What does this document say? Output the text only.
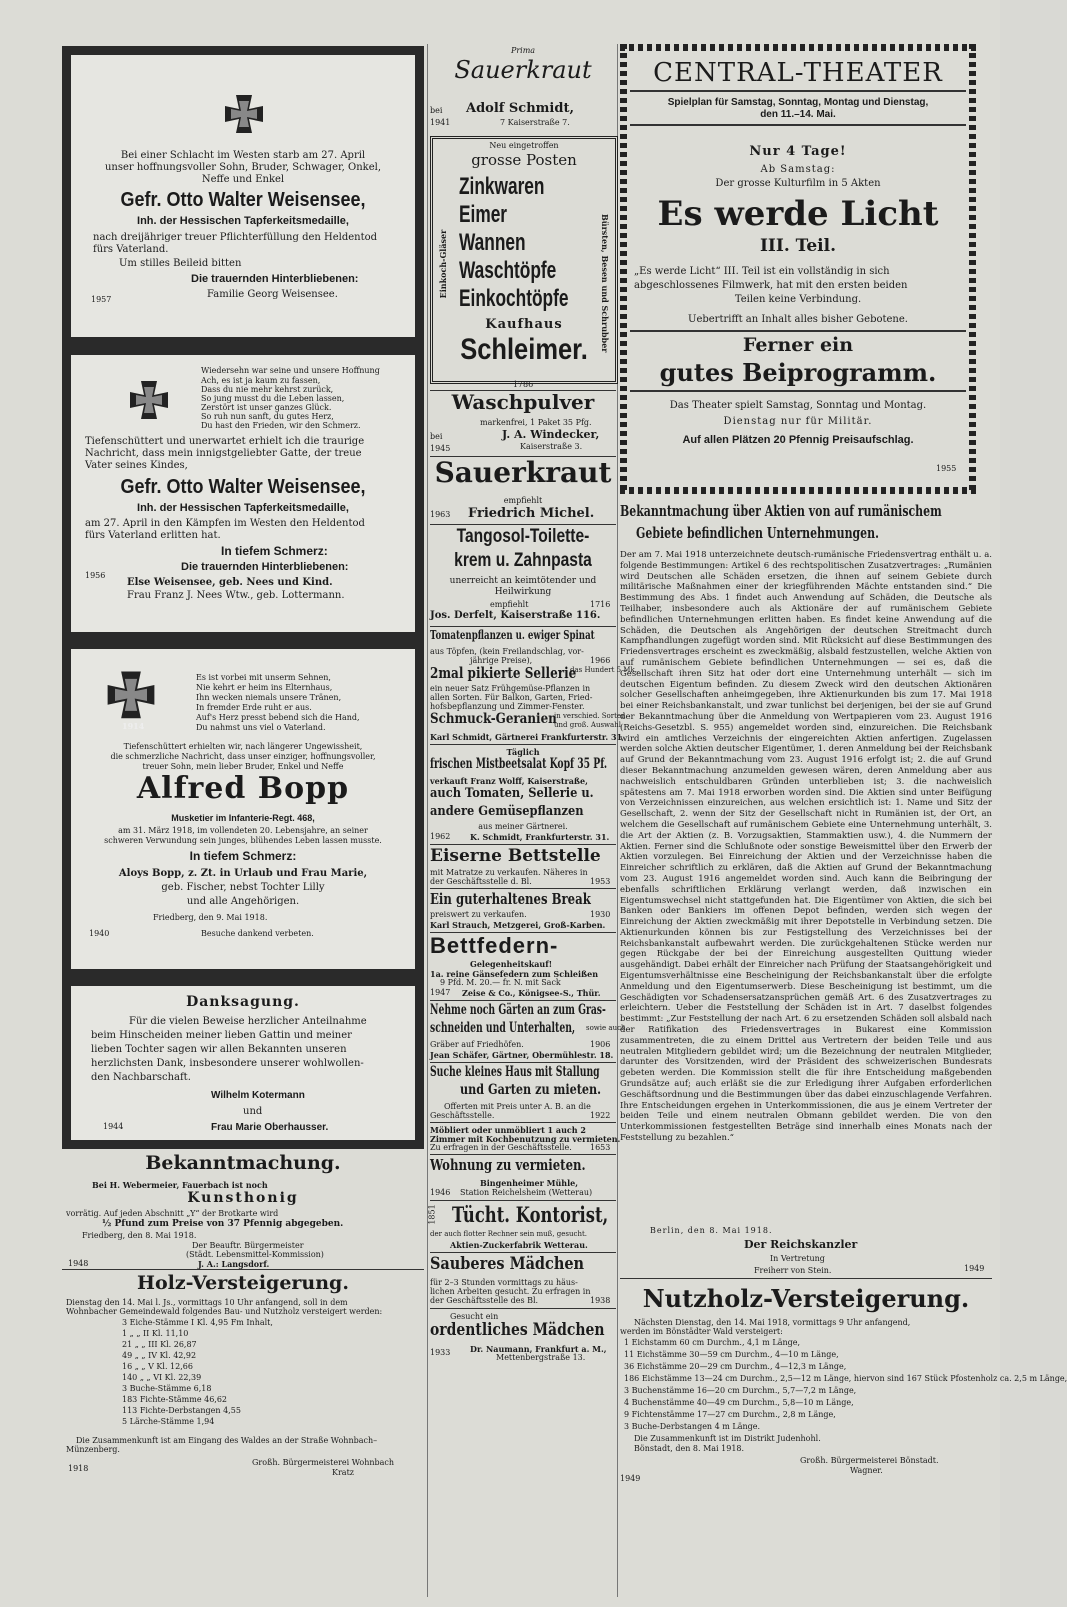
Bei einer Schlacht im Westen starb am 27. April
unser hoffnungsvoller Sohn, Bruder, Schwager, Onkel,
Neffe und Enkel
Gefr. Otto Walter Weisensee,
Inh. der Hessischen Tapferkeitsmedaille,
nach dreijähriger treuer Pflichterfüllung den Heldentod
fürs Vaterland.
Um stilles Beileid bitten
Die trauernden Hinterbliebenen:
Familie Georg Weisensee.
1957
Wiedersehn war seine und unsere Hoffnung
Ach, es ist ja kaum zu fassen,
Dass du nie mehr kehrst zurück,
So jung musst du die Leben lassen,
Zerstört ist unser ganzes Glück.
So ruh nun sanft, du gutes Herz,
Du hast den Frieden, wir den Schmerz.
Tiefenschüttert und unerwartet erhielt ich die traurige
Nachricht, dass mein innigstgeliebter Gatte, der treue
Vater seines Kindes,
Gefr. Otto Walter Weisensee,
Inh. der Hessischen Tapferkeitsmedaille,
am 27. April in den Kämpfen im Westen den Heldentod
fürs Vaterland erlitten hat.
In tiefem Schmerz:
Die trauernden Hinterbliebenen:
Else Weisensee, geb. Nees und Kind.
Frau Franz J. Nees Wtw., geb. Lottermann.
1956
1914
Es ist vorbei mit unserm Sehnen,
Nie kehrt er heim ins Elternhaus,
Ihn wecken niemals unsere Tränen,
In fremder Erde ruht er aus.
Auf's Herz presst bebend sich die Hand,
Du nahmst uns viel o Vaterland.
Tiefenschüttert erhielten wir, nach längerer Ungewissheit,
die schmerzliche Nachricht, dass unser einziger, hoffnungsvoller,
treuer Sohn, mein lieber Bruder, Enkel und Neffe
Alfred Bopp
Musketier im Infanterie-Regt. 468,
am 31. März 1918, im vollendeten 20. Lebensjahre, an seiner
schweren Verwundung sein junges, blühendes Leben lassen musste.
In tiefem Schmerz:
Aloys Bopp, z. Zt. in Urlaub und Frau Marie,
geb. Fischer, nebst Tochter Lilly
und alle Angehörigen.
Friedberg, den 9. Mai 1918.
1940	Besuche dankend verbeten.
Danksagung.
Für die vielen Beweise herzlicher Anteilnahme
beim Hinscheiden meiner lieben Gattin und meiner
lieben Tochter sagen wir allen Bekannten unseren
herzlichsten Dank, insbesondere unserer wohlwollen-
den Nachbarschaft.
Wilhelm Kotermann
und
Frau Marie Oberhausser.
1944
Bekanntmachung.
Bei H. Webermeier, Fauerbach ist noch
Kunsthonig
vorrätig. Auf jeden Abschnitt „Y“ der Brotkarte wird
½ Pfund zum Preise von 37 Pfennig abgegeben.
Friedberg, den 8. Mai 1918.
Der Beauftr. Bürgermeister
(Städt. Lebensmittel-Kommission)
J. A.: Langsdorf.
1948
Holz-Versteigerung.
Dienstag den 14. Mai l. Js., vormittags 10 Uhr anfangend, soll in dem
Wohnbacher Gemeindewald folgendes Bau- und Nutzholz versteigert werden:
3 Eiche-Stämme I Kl. 4,95 Fm Inhalt,
1 „ „ II Kl. 11,10
21 „ „ III Kl. 26,87
49 „ „ IV Kl. 42,92
16 „ „ V Kl. 12,66
140 „ „ VI Kl. 22,39
3 Buche-Stämme 6,18
183 Fichte-Stämme 46,62
113 Fichte-Derbstangen 4,55
5 Lärche-Stämme 1,94
Die Zusammenkunft ist am Eingang des Waldes an der Straße Wohnbach–
Münzenberg.
Großh. Bürgermeisterei Wohnbach
Kratz
1918
Prima
Sauerkraut
bei Adolf Schmidt,
7 Kaiserstraße 7.
1941
Neu eingetroffen
grosse Posten
Zinkwaren
Eimer
Wannen
Waschtöpfe
Einkochtöpfe
Kaufhaus
Schleimer.
Einkoch-Gläser	Bürsten, Besen und Schrubber
1786
Waschpulver
markenfrei, 1 Paket 35 Pfg.
bei	J. A. Windecker,
Kaiserstraße 3.
1945
Sauerkraut
empfiehlt
Friedrich Michel.
1963
Tangosol-Toilette-
krem u. Zahnpasta
unerreicht an keimtötender und
Heilwirkung
empfiehlt	1716
Jos. Derfelt, Kaiserstraße 116.
Tomatenpflanzen u. ewiger Spinat
aus Töpfen, (kein Freilandschlag, vor-
jährige Preise),	1966
2mal pikierte Sellerie
das Hundert 5 Mk.,
ein neuer Satz Frühgemüse-Pflanzen in
allen Sorten. Für Balkon, Garten, Fried-
hofsbepflanzung und Zimmer-Fenster.
Schmuck-Geranien
in verschied. Sorten
und groß. Auswahl
Karl Schmidt, Gärtnerei Frankfurterstr. 31
Täglich
frischen Mistbeetsalat Kopf 35 Pf.
verkauft Franz Wolff, Kaiserstraße,
auch Tomaten, Sellerie u.
andere Gemüsepflanzen
aus meiner Gärtnerei.
1962 K. Schmidt, Frankfurterstr. 31.
Eiserne Bettstelle
mit Matratze zu verkaufen. Näheres in
der Geschäftsstelle d. Bl.	1953
Ein guterhaltenes Break
preiswert zu verkaufen.	1930
Karl Strauch, Metzgerei, Groß-Karben.
Bettfedern-
Gelegenheitskauf!
1a. reine Gänsefedern zum Schleißen
9 Pfd. M. 20.— fr. N. mit Sack
1947 Zeise & Co., Königsee-S., Thür.
Nehme noch Gärten an zum Gras-
schneiden und Unterhalten, sowie auch
Gräber auf Friedhöfen.	1906
Jean Schäfer, Gärtner, Obermühlestr. 18.
Suche kleines Haus mit Stallung
und Garten zu mieten.
Offerten mit Preis unter A. B. an die
Geschäftsstelle.	1922
Möbliert oder unmöbliert 1 auch 2
Zimmer mit Kochbenutzung zu vermieten.
Zu erfragen in der Geschäftsstelle. 1653
Wohnung zu vermieten.
Bingenheimer Mühle,
1946 Station Reichelsheim (Wetterau)
Tücht. Kontorist,
der auch flotter Rechner sein muß, gesucht.
Aktien-Zuckerfabrik Wetterau.
1851
Sauberes Mädchen
für 2–3 Stunden vormittags zu häus-
lichen Arbeiten gesucht. Zu erfragen in
der Geschäftsstelle des Bl.	1938
Gesucht ein
ordentliches Mädchen
1933 Dr. Naumann, Frankfurt a. M.,
Mettenbergstraße 13.
CENTRAL-THEATER
Spielplan für Samstag, Sonntag, Montag und Dienstag,
den 11.–14. Mai.
Nur 4 Tage!
Ab Samstag:
Der grosse Kulturfilm in 5 Akten
Es werde Licht
III. Teil.
„Es werde Licht“ III. Teil ist ein vollständig in sich
abgeschlossenes Filmwerk, hat mit den ersten beiden
Teilen keine Verbindung.
Uebertrifft an Inhalt alles bisher Gebotene.
Ferner ein
gutes Beiprogramm.
Das Theater spielt Samstag, Sonntag und Montag.
Dienstag nur für Militär.
Auf allen Plätzen 20 Pfennig Preisaufschlag.
1955
Bekanntmachung über Aktien von auf rumänischem
Gebiete befindlichen Unternehmungen.
Der am 7. Mai 1918 unterzeichnete deutsch-rumänische Friedensvertrag enthält u. a. folgende Bestimmungen: Artikel 6 des rechtspolitischen Zusatzvertrages: „Rumänien wird Deutschen alle Schäden ersetzen, die ihnen auf seinem Gebiete durch militärische Maßnahmen einer der kriegführenden Mächte entstanden sind.“ Die Bestimmung des Abs. 1 findet auch Anwendung auf Schäden, die Deutsche als Teilhaber, insbesondere auch als Aktionäre der auf rumänischem Gebiete befindlichen Unternehmungen erlitten haben. Es findet keine Anwendung auf die Schäden, die Deutschen als Angehörigen der deutschen Streitmacht durch Kampfhandlungen zugefügt worden sind. Mit Rücksicht auf diese Bestimmungen des Friedensvertrages erscheint es zweckmäßig, alsbald festzustellen, welche Aktien von auf rumänischem Gebiete befindlichen Unternehmungen — sei es, daß die Gesellschaft ihren Sitz hat oder dort eine Unternehmung unterhält — sich im deutschen Eigentum befinden. Zu diesem Zweck wird den deutschen Aktionären solcher Gesellschaften anheimgegeben, ihre Aktienurkunden bis zum 17. Mai 1918 bei einer Reichsbankanstalt, und zwar tunlichst bei derjenigen, bei der sie auf Grund der Bekanntmachung über die Anmeldung von Wertpapieren vom 23. August 1916 (Reichs-Gesetzbl. S. 955) angemeldet worden sind, einzureichen. Die Reichsbank wird ein amtliches Verzeichnis der eingereichten Aktien anfertigen. Zugelassen werden solche Aktien deutscher Eigentümer, 1. deren Anmeldung bei der Reichsbank auf Grund der Bekanntmachung vom 23. August 1916 erfolgt ist; 2. die auf Grund dieser Bekanntmachung anzumelden gewesen wären, deren Anmeldung aber aus nachweislich entschuldbaren Gründen unterblieben ist; 3. die nachweislich spätestens am 7. Mai 1918 erworben worden sind. Die Aktien sind unter Beifügung von Verzeichnissen einzureichen, aus welchen ersichtlich ist: 1. Name und Sitz der Gesellschaft, 2. wenn der Sitz der Gesellschaft nicht in Rumänien ist, der Ort, an welchem die Gesellschaft auf rumänischem Gebiete eine Unternehmung unterhält, 3. die Art der Aktien (z. B. Vorzugsaktien, Stammaktien usw.), 4. die Nummern der Aktien. Ferner sind die Schlußnote oder sonstige Beweismittel über den Erwerb der Aktien vorzulegen. Bei Einreichung der Aktien und der Verzeichnisse haben die Einreicher schriftlich zu erklären, daß die Aktien auf Grund der Bekanntmachung vom 23. August 1916 angemeldet worden sind. Auch kann die Beibringung der ebenfalls schriftlichen Erklärung verlangt werden, daß inzwischen ein Eigentumswechsel nicht stattgefunden hat. Die Eigentümer von Aktien, die sich bei Banken oder Bankiers im offenen Depot befinden, werden sich wegen der Einreichung der Aktien zweckmäßig mit ihrer Depotstelle in Verbindung setzen. Die Aktienurkunden können bis zur Festigstellung des Verzeichnisses bei der Reichsbankanstalt aufbewahrt werden. Die zurückgehaltenen Stücke werden nur gegen Rückgabe der bei der Einreichung ausgestellten Quittung wieder ausgehändigt. Dabei erhält der Einreicher nach Prüfung der Staatsangehörigkeit und Eigentumsverhältnisse eine Bescheinigung der Reichsbankanstalt über die erfolgte Anmeldung und den Eigentumserwerb. Diese Bescheinigung ist bestimmt, um die Geschädigten vor Schadensersatzansprüchen gemäß Art. 6 des Zusatzvertrages zu erleichtern. Ueber die Feststellung der Schäden ist in Art. 7 daselbst folgendes bestimmt: „Zur Feststellung der nach Art. 6 zu ersetzenden Schäden soll alsbald nach der Ratifikation des Friedensvertrages in Bukarest eine Kommission zusammentreten, die zu einem Drittel aus Vertretern der beiden Teile und aus neutralen Mitgliedern gebildet wird; um die Bezeichnung der neutralen Mitglieder, darunter des Vorsitzenden, wird der Präsident des schweizerischen Bundesrats gebeten werden. Die Kommission stellt die für ihre Entscheidung maßgebenden Grundsätze auf; auch erläßt sie die zur Erledigung ihrer Aufgaben erforderlichen Geschäftsordnung und die Bestimmungen über das dabei einzuschlagende Verfahren. Ihre Entscheidungen ergehen in Unterkommissionen, die aus je einem Vertreter der beiden Teile und einem neutralen Obmann gebildet werden. Die von den Unterkommissionen festgestellten Beträge sind innerhalb eines Monats nach der Feststellung zu bezahlen.“
Berlin, den 8. Mai 1918.
Der Reichskanzler
In Vertretung
Freiherr von Stein.	1949
Nutzholz-Versteigerung.
Nächsten Dienstag, den 14. Mai 1918, vormittags 9 Uhr anfangend,
werden im Bönstädter Wald versteigert:
1 Eichstamm 60 cm Durchm., 4,1 m Länge,
11 Eichstämme 30—59 cm Durchm., 4—10 m Länge,
36 Eichstämme 20—29 cm Durchm., 4—12,3 m Länge,
186 Eichstämme 13—24 cm Durchm., 2,5—12 m Länge, hiervon sind 167 Stück Pfostenholz ca. 2,5 m Länge,
3 Buchenstämme 16—20 cm Durchm., 5,7—7,2 m Länge,
4 Buchenstämme 40—49 cm Durchm., 5,8—10 m Länge,
9 Fichtenstämme 17—27 cm Durchm., 2,8 m Länge,
3 Buche-Derbstangen 4 m Länge.
Die Zusammenkunft ist im Distrikt Judenhohl.
Bönstadt, den 8. Mai 1918.
Großh. Bürgermeisterei Bönstadt.
Wagner.
1949
